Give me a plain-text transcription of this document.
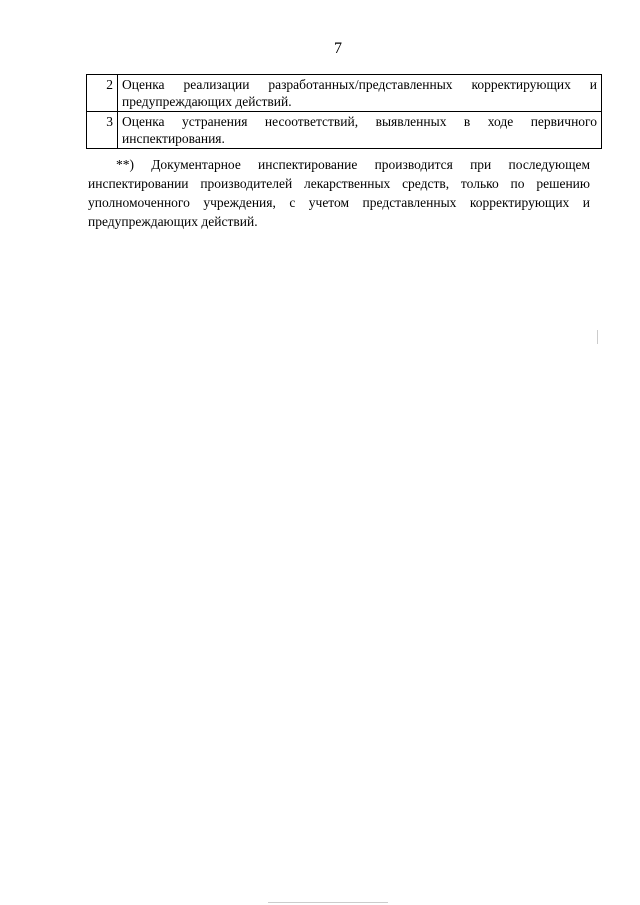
7
2	Оценка реализации разработанных/представленных корректирующих и предупреждающих действий.
3	Оценка устранения несоответствий, выявленных в ходе первичного инспектирования.

**) Документарное инспектирование производится при последующем инспектировании производителей лекарственных средств, только по решению уполномоченного учреждения, с учетом представленных корректирующих и предупреждающих действий.
